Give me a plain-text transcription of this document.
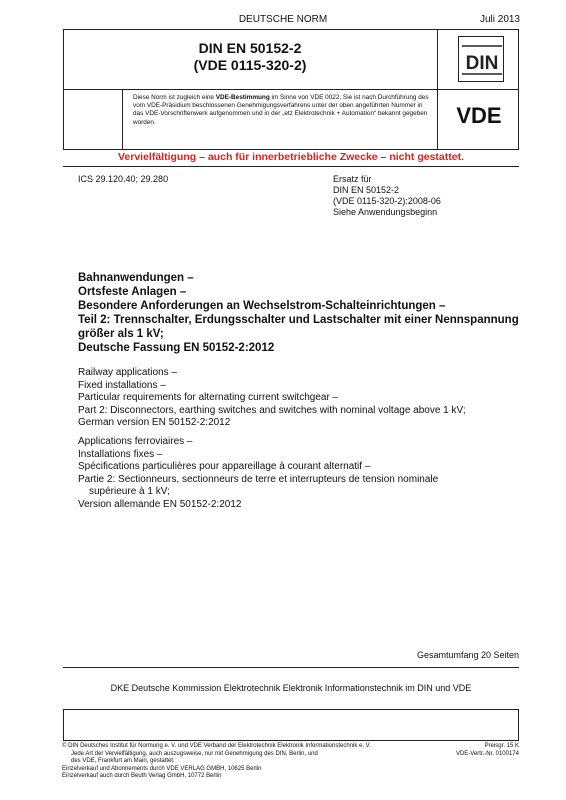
DEUTSCHE NORM	Juli 2013
DIN EN 50152-2
(VDE 0115-320-2)	DIN
Diese Norm ist zugleich eine VDE-Bestimmung im Sinne von VDE 0022. Sie ist nach Durchführung des vom VDE-Präsidium beschlossenen Genehmigungsverfahrens unter der oben angeführten Nummer in das VDE-Vorschriftenwerk aufgenommen und in der „etz Elektrotechnik + Automation“ bekannt gegeben worden.	VDE
Vervielfältigung – auch für innerbetriebliche Zwecke – nicht gestattet.
ICS 29.120.40; 29.280	Ersatz für
DIN EN 50152-2
(VDE 0115-320-2):2008-06
Siehe Anwendungsbeginn
Bahnanwendungen –
Ortsfeste Anlagen –
Besondere Anforderungen an Wechselstrom-Schalteinrichtungen –
Teil 2: Trennschalter, Erdungsschalter und Lastschalter mit einer Nennspannung
größer als 1 kV;
Deutsche Fassung EN 50152-2:2012
Railway applications –
Fixed installations –
Particular requirements for alternating current switchgear –
Part 2: Disconnectors, earthing switches and switches with nominal voltage above 1 kV;
German version EN 50152-2:2012
Applications ferroviaires –
Installations fixes –
Spécifications particulières pour appareillage à courant alternatif –
Partie 2: Sectionneurs, sectionneurs de terre et interrupteurs de tension nominale
supérieure à 1 kV;
Version allemande EN 50152-2:2012
Gesamtumfang 20 Seiten
DKE Deutsche Kommission Elektrotechnik Elektronik Informationstechnik im DIN und VDE
© DIN Deutsches Institut für Normung e. V. und VDE Verband der Elektrotechnik Elektronik Informationstechnik e. V.
Jede Art der Vervielfältigung, auch auszugsweise, nur mit Genehmigung des DIN, Berlin, und
des VDE, Frankfurt am Main, gestattet.
Einzelverkauf und Abonnements durch VDE VERLAG GMBH, 10625 Berlin
Einzelverkauf auch durch Beuth Verlag GmbH, 10772 Berlin
Preisgr. 15 K
VDE-Vertr.-Nr. 0100174
